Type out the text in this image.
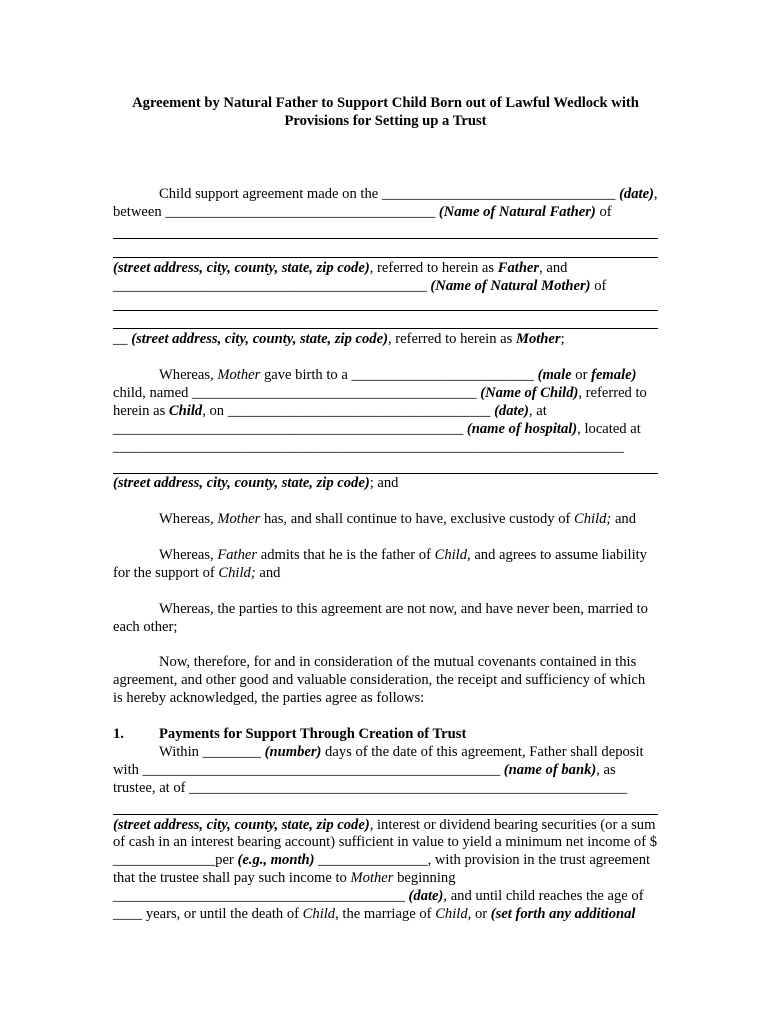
Agreement by Natural Father to Support Child Born out of Lawful Wedlock with
Provisions for Setting up a Trust

Child support agreement made on the ________________________________ (date), between _____________________________________ (Name of Natural Father) of

(street address, city, county, state, zip code), referred to herein as Father, and ___________________________________________ (Name of Natural Mother) of

__ (street address, city, county, state, zip code), referred to herein as Mother;

Whereas, Mother gave birth to a _________________________ (male or female) child, named _______________________________________ (Name of Child), referred to herein as Child, on ____________________________________ (date), at ________________________________________________ (name of hospital), located at ______________________________________________________________________

(street address, city, county, state, zip code); and

Whereas, Mother has, and shall continue to have, exclusive custody of Child; and

Whereas, Father admits that he is the father of Child, and agrees to assume liability for the support of Child; and

Whereas, the parties to this agreement are not now, and have never been, married to each other;

Now, therefore, for and in consideration of the mutual covenants contained in this agreement, and other good and valuable consideration, the receipt and sufficiency of which is hereby acknowledged, the parties agree as follows:

1.	Payments for Support Through Creation of Trust

Within ________ (number) days of the date of this agreement, Father shall deposit with _________________________________________________ (name of bank), as trustee, at of ____________________________________________________________

(street address, city, county, state, zip code), interest or dividend bearing securities (or a sum of cash in an interest bearing account) sufficient in value to yield a minimum net income of $ ______________per (e.g., month) _______________, with provision in the trust agreement that the trustee shall pay such income to Mother beginning ________________________________________ (date), and until child reaches the age of ____ years, or until the death of Child, the marriage of Child, or (set forth any additional
